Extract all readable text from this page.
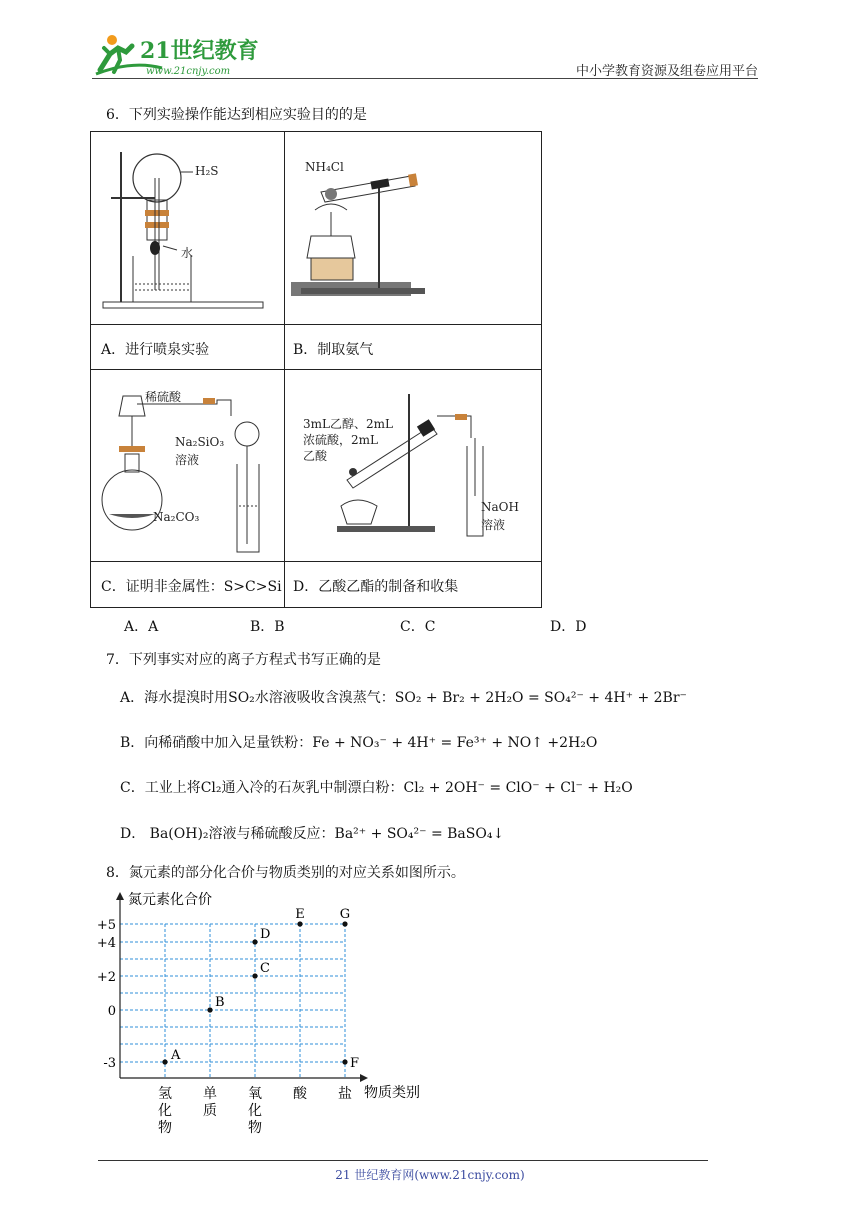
21世纪教育
www.21cnjy.com	中小学教育资源及组卷应用平台
6．下列实验操作能达到相应实验目的的是
H₂S
水
NH₄Cl
A．进行喷泉实验	B．制取氨气
稀硫酸
Na₂SiO₃
溶液
Na₂CO₃
3mL乙醇、2mL
浓硫酸，2mL
乙酸
NaOH
溶液
C．证明非金属性：S>C>Si D．乙酸乙酯的制备和收集
A．A	B．B	C．C	D．D
7．下列事实对应的离子方程式书写正确的是
A．海水提溴时用SO₂水溶液吸收含溴蒸气：SO₂ + Br₂ + 2H₂O = SO₄²⁻ + 4H⁺ + 2Br⁻
B．向稀硝酸中加入足量铁粉：Fe + NO₃⁻ + 4H⁺ = Fe³⁺ + NO↑ +2H₂O
C．工业上将Cl₂通入冷的石灰乳中制漂白粉：Cl₂ + 2OH⁻ = ClO⁻ + Cl⁻ + H₂O
D． Ba(OH)₂溶液与稀硫酸反应：Ba²⁺ + SO₄²⁻ = BaSO₄↓
8．氮元素的部分化合价与物质类别的对应关系如图所示。
氮元素化合价
物质类别
+5
+4
+2
0
-3
氢化物
单质
氧化物
酸 盐
A
B
C
D
E	G
F
21 世纪教育网(www.21cnjy.com)
